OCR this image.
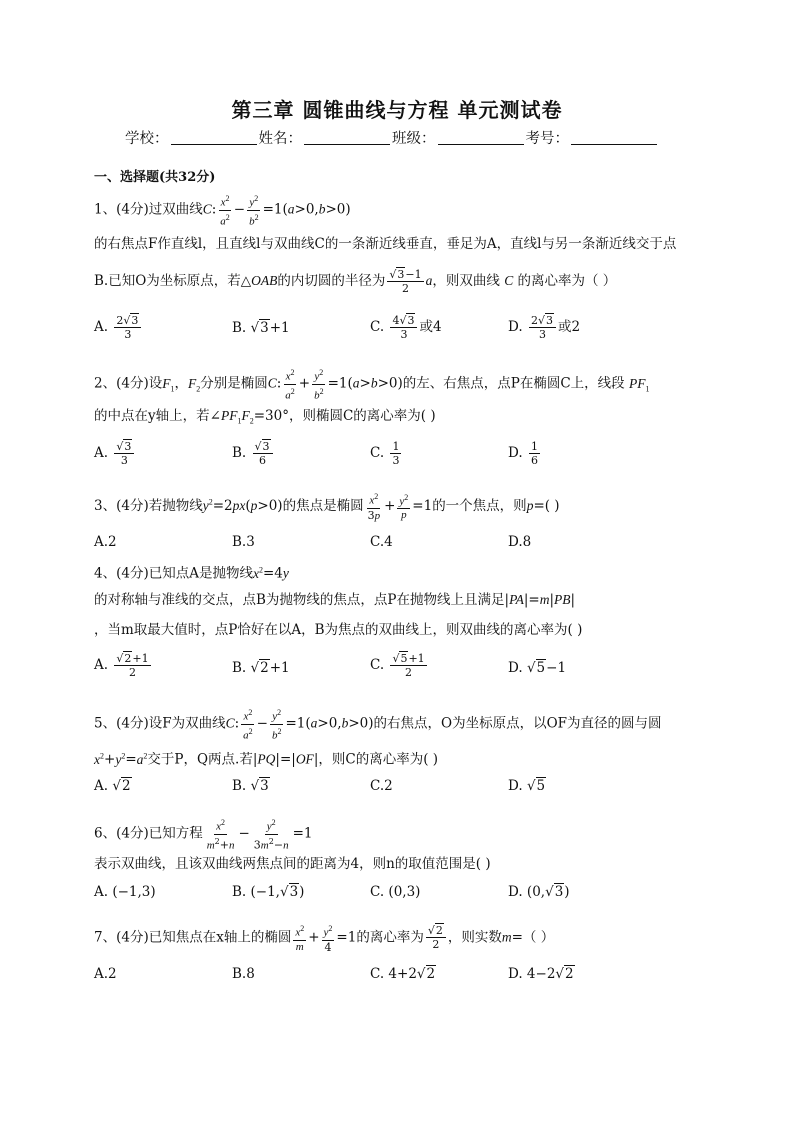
第三章 圆锥曲线与方程 单元测试卷
学校：	姓名：	班级：	考号：
一、选择题(共32分)
1、(4分)过双曲线C: $\frac{x^2}{a^2} - \frac{y^2}{b^2} =1(a>0,b>0)$
的右焦点F作直线l，且直线l与双曲线C的一条渐近线垂直，垂足为A，直线l与另一条渐近线交于点
B.已知O为坐标原点，若△OAB的内切圆的半径为 $\frac{√3-1}{2}$ a，则双曲线 C 的离心率为（ ）
A. $\frac{2√3}{3}$	B. √3+1	C. $\frac{4√3}{3}$ 或4	D. $\frac{2√3}{3}$ 或2
2、(4分)设$F_1$，$F_2$分别是椭圆C: $\frac{x^2}{a^2} + \frac{y^2}{b^2} =1(a>b>0)$的左、右焦点，点P在椭圆C上，线段 $PF_1$
的中点在y轴上，若$\angle PF_1F_2=30^\circ$，则椭圆C的离心率为( )
A. $\frac{√3}{3}$	B. $\frac{√3}{6}$	C. $\frac{1}{3}$	D. $\frac{1}{6}$
3、(4分)若抛物线$y^2=2px(p>0)$的焦点是椭圆 $\frac{x^2}{3p} + \frac{y^2}{p} =1$的一个焦点，则p=( )
A.2	B.3	C.4	D.8
4、(4分)已知点A是抛物线$x^2=4y$
的对称轴与准线的交点，点B为抛物线的焦点，点P在抛物线上且满足|PA|=m|PB|
，当m取最大值时，点P恰好在以A，B为焦点的双曲线上，则双曲线的离心率为( )
A. $\frac{√2+1}{2}$	B. √2+1	C. $\frac{√5+1}{2}$	D. √5−1
5、(4分)设F为双曲线C: $\frac{x^2}{a^2} - \frac{y^2}{b^2} =1(a>0,b>0)$的右焦点，O为坐标原点，以OF为直径的圆与圆
$x^2+y^2=a^2$交于P，Q两点.若|PQ|=|OF|，则C的离心率为( )
A. √2	B. √3	C.2	D. √5
6、(4分)已知方程 $\frac{x^2}{m^2+n} - \frac{y^2}{3m^2-n} =1$
表示双曲线，且该双曲线两焦点间的距离为4，则n的取值范围是( )
A. (−1,3)	B. (−1,√3)	C. (0,3)	D. (0,√3)
7、(4分)已知焦点在x轴上的椭圆 $\frac{x^2}{m} + \frac{y^2}{4} =1$的离心率为 $\frac{√2}{2}$ ，则实数m=（ ）
A.2	B.8	C. 4+2√2	D. 4−2√2
